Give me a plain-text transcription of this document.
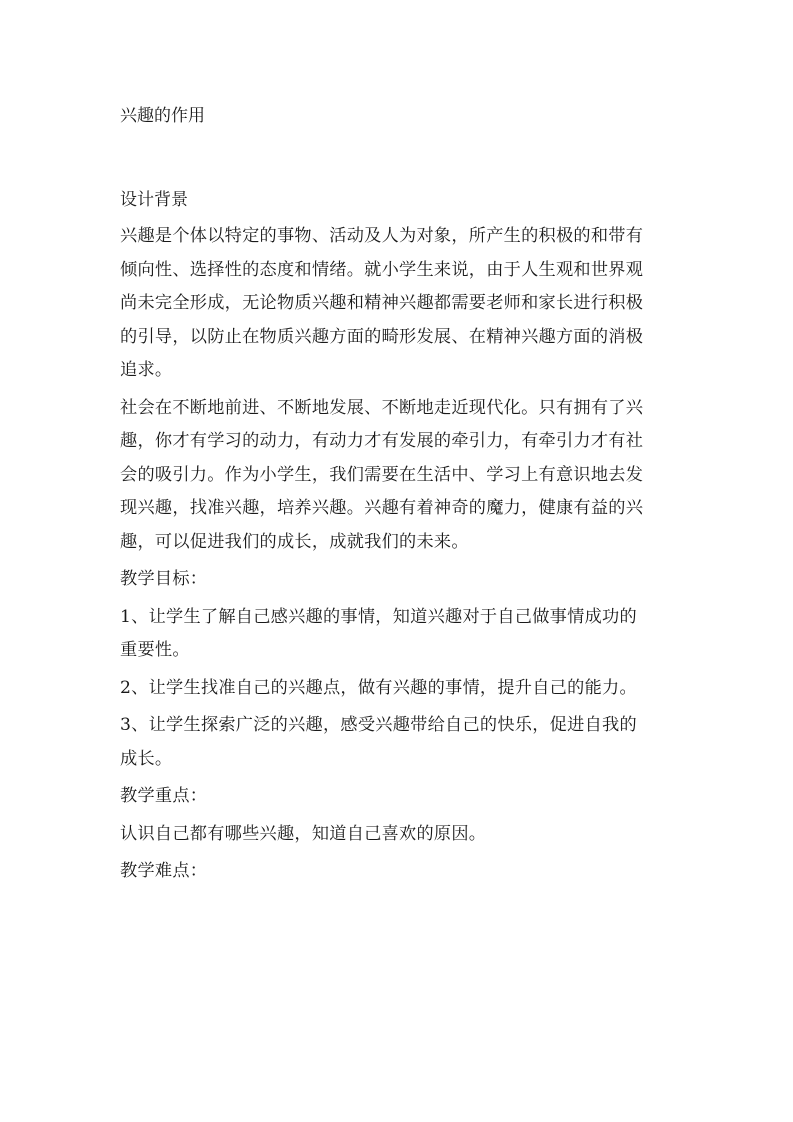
兴趣的作用
设计背景
兴趣是个体以特定的事物、活动及人为对象，所产生的积极的和带有
倾向性、选择性的态度和情绪。就小学生来说，由于人生观和世界观
尚未完全形成，无论物质兴趣和精神兴趣都需要老师和家长进行积极
的引导，以防止在物质兴趣方面的畸形发展、在精神兴趣方面的消极
追求。
社会在不断地前进、不断地发展、不断地走近现代化。只有拥有了兴
趣，你才有学习的动力，有动力才有发展的牵引力，有牵引力才有社
会的吸引力。作为小学生，我们需要在生活中、学习上有意识地去发
现兴趣，找准兴趣，培养兴趣。兴趣有着神奇的魔力，健康有益的兴
趣，可以促进我们的成长，成就我们的未来。
教学目标：
1、让学生了解自己感兴趣的事情，知道兴趣对于自己做事情成功的
重要性。
2、让学生找准自己的兴趣点，做有兴趣的事情，提升自己的能力。
3、让学生探索广泛的兴趣，感受兴趣带给自己的快乐，促进自我的
成长。
教学重点：
认识自己都有哪些兴趣，知道自己喜欢的原因。
教学难点：
